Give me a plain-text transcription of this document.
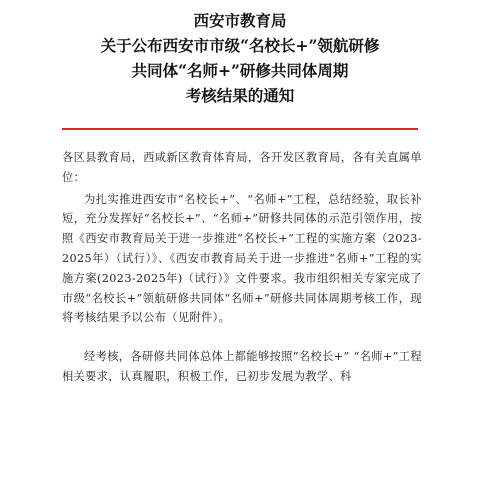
西安市教育局
关于公布西安市市级“名校长+”领航研修
共同体“名师+”研修共同体周期
考核结果的通知

各区县教育局，西咸新区教育体育局，各开发区教育局，各有关直属单位：

为扎实推进西安市“名校长+”、“名师+”工程，总结经验，取长补短，充分发挥好“名校长+”、“名师+”研修共同体的示范引领作用，按照《西安市教育局关于进一步推进“名校长+”工程的实施方案（2023-2025年）（试行）》、《西安市教育局关于进一步推进“名师+”工程的实施方案(2023-2025年)（试行）》文件要求。我市组织相关专家完成了市级“名校长+”领航研修共同体“名师+”研修共同体周期考核工作，现将考核结果予以公布（见附件）。

经考核，各研修共同体总体上都能够按照“名校长+” “名师+”工程相关要求，认真履职，积极工作，已初步发展为教学、科
